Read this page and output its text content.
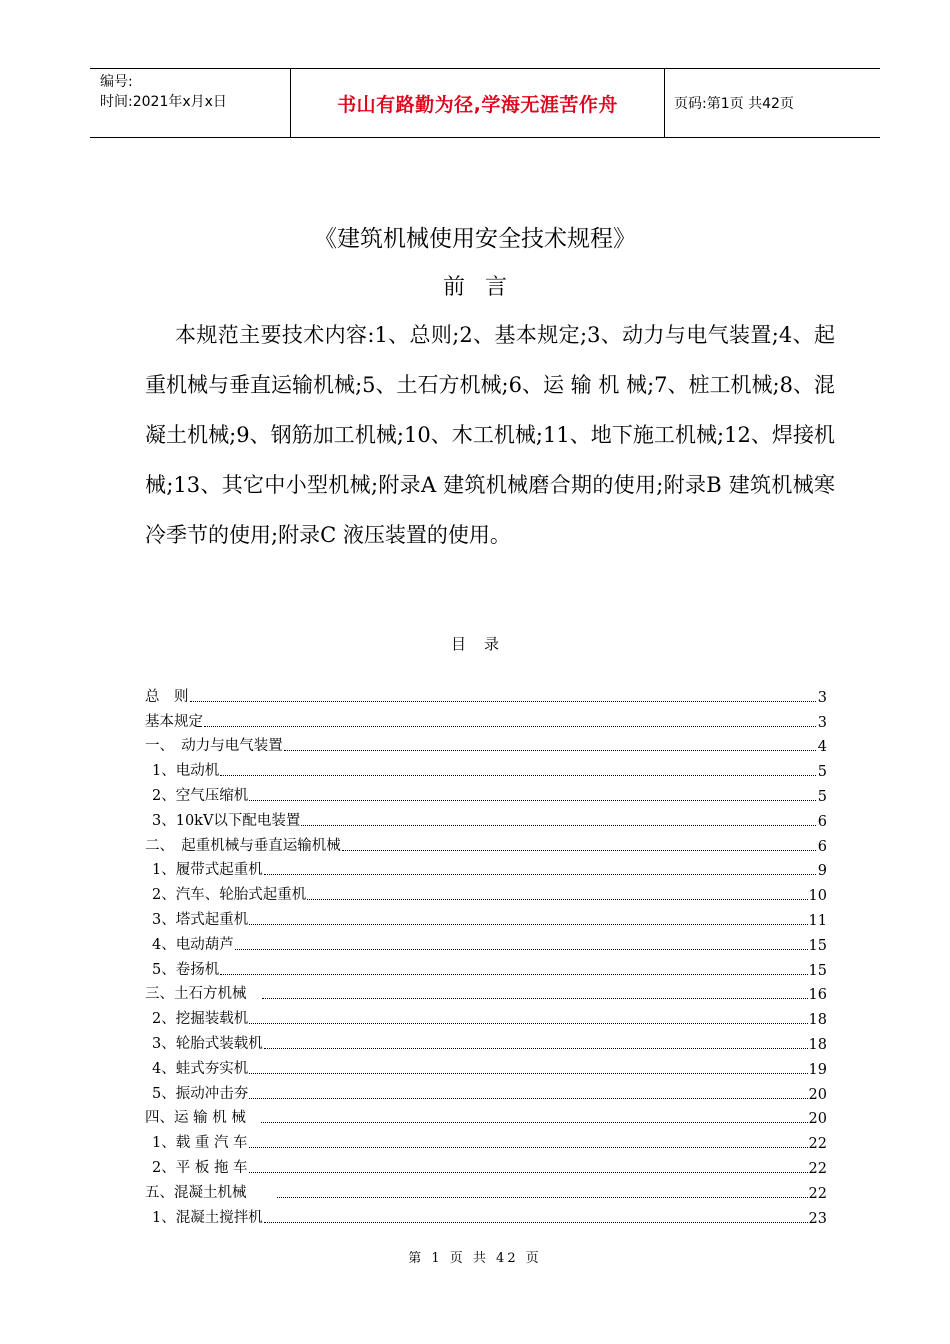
编号:
时间:2021年x月x日	书山有路勤为径,学海无涯苦作舟	页码:第1页 共42页
《建筑机械使用安全技术规程》
前言
本规范主要技术内容:1、总则;2、基本规定;3、动力与电气装置;4、起重机械与垂直运输机械;5、土石方机械;6、运 输 机 械;7、桩工机械;8、混凝土机械;9、钢筋加工机械;10、木工机械;11、地下施工机械;12、焊接机械;13、其它中小型机械;附录A 建筑机械磨合期的使用;附录B 建筑机械寒冷季节的使用;附录C 液压装置的使用。
目录
总　则	3
基本规定	3
一、　动力与电气装置	4
1、电动机	5
2、空气压缩机	5
3、10kV以下配电装置	6
二、　起重机械与垂直运输机械	6
1、履带式起重机	9
2、汽车、轮胎式起重机	10
3、塔式起重机	11
4、电动葫芦	15
5、卷扬机	15
三、土石方机械　	16
2、挖掘装载机	18
3、轮胎式装载机	18
4、蛙式夯实机	19
5、振动冲击夯	20
四、运 输 机 械　	20
1、载 重 汽 车	22
2、平 板 拖 车	22
五、混凝土机械　　	22
1、混凝土搅拌机	23
第 1 页 共 42 页
